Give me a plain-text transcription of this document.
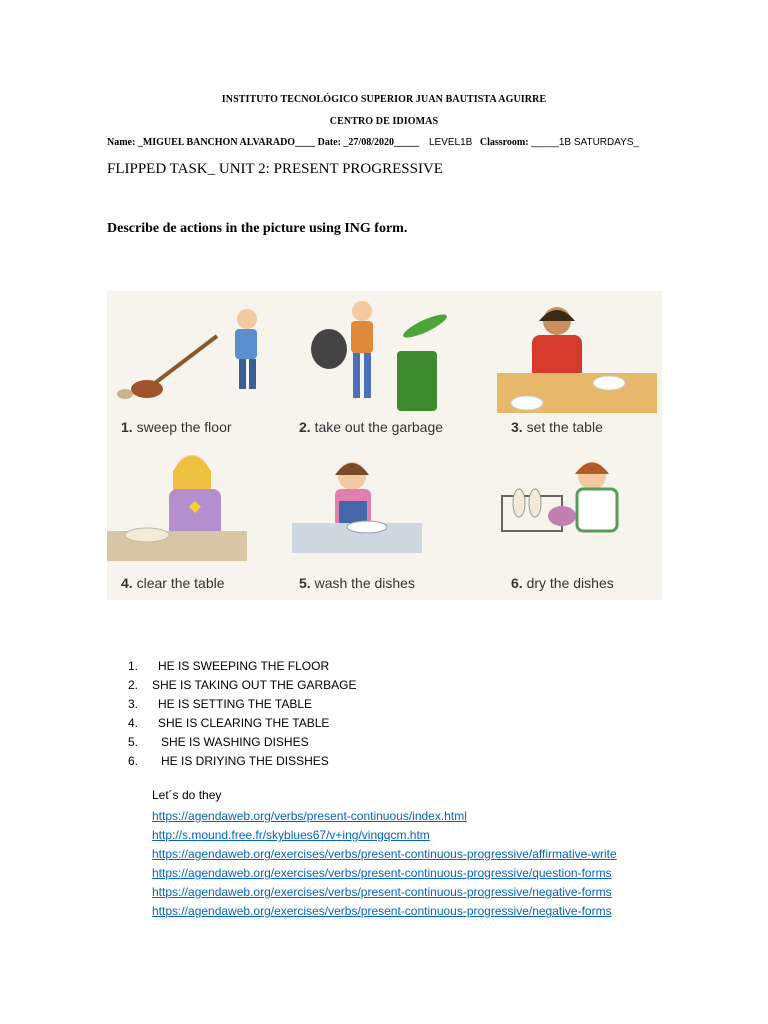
INSTITUTO TECNOLÓGICO SUPERIOR JUAN BAUTISTA AGUIRRE
CENTRO DE IDIOMAS
Name: _MIGUEL BANCHON ALVARADO____ Date: _27/08/2020_____ LEVEL1B Classroom: _____1B SATURDAYS_
FLIPPED TASK_ UNIT 2: PRESENT PROGRESSIVE
Describe de actions in the picture using ING form.
1. sweep the floor	2. take out the garbage	3. set the table
4. clear the table	5. wash the dishes	6. dry the dishes
1. HE IS SWEEPING THE FLOOR
2. SHE IS TAKING OUT THE GARBAGE
3. HE IS SETTING THE TABLE
4. SHE IS CLEARING THE TABLE
5. SHE IS WASHING DISHES
6. HE IS DRIYING THE DISSHES
Let´s do they
https://agendaweb.org/verbs/present-continuous/index.html
http://s.mound.free.fr/skyblues67/v+ing/vingqcm.htm
https://agendaweb.org/exercises/verbs/present-continuous-progressive/affirmative-write
https://agendaweb.org/exercises/verbs/present-continuous-progressive/question-forms
https://agendaweb.org/exercises/verbs/present-continuous-progressive/negative-forms
https://agendaweb.org/exercises/verbs/present-continuous-progressive/negative-forms
